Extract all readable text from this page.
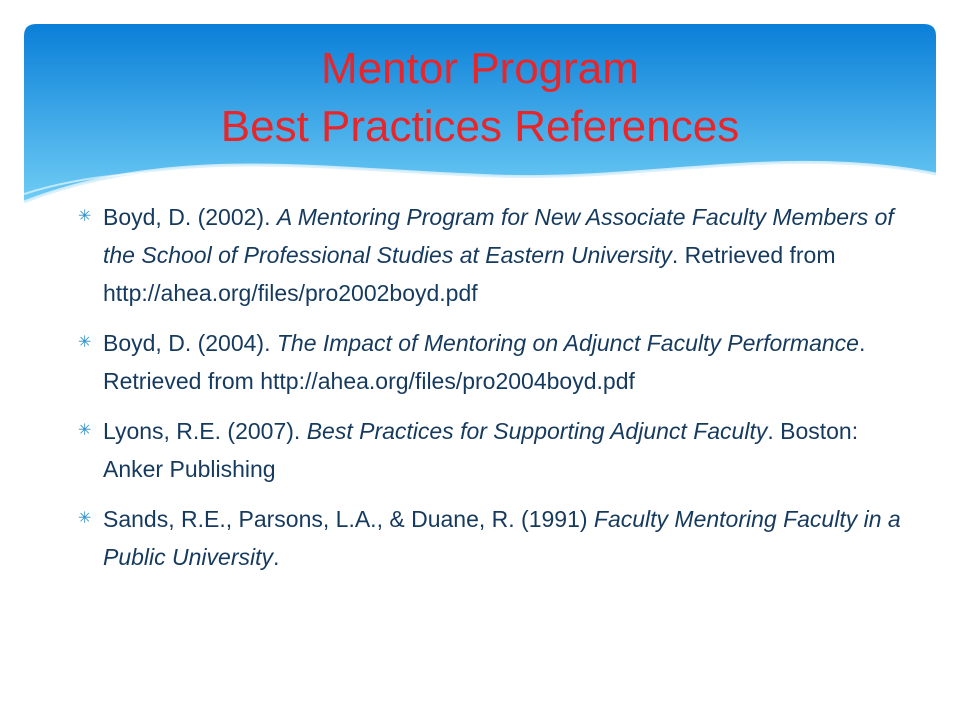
Mentor Program
Best Practices References
✳ Boyd, D. (2002). A Mentoring Program for New Associate Faculty Members of the School of Professional Studies at Eastern University. Retrieved from http://ahea.org/files/pro2002boyd.pdf
✳ Boyd, D. (2004). The Impact of Mentoring on Adjunct Faculty Performance. Retrieved from http://ahea.org/files/pro2004boyd.pdf
✳ Lyons, R.E. (2007). Best Practices for Supporting Adjunct Faculty. Boston: Anker Publishing
✳ Sands, R.E., Parsons, L.A., & Duane, R. (1991) Faculty Mentoring Faculty in a Public University.
